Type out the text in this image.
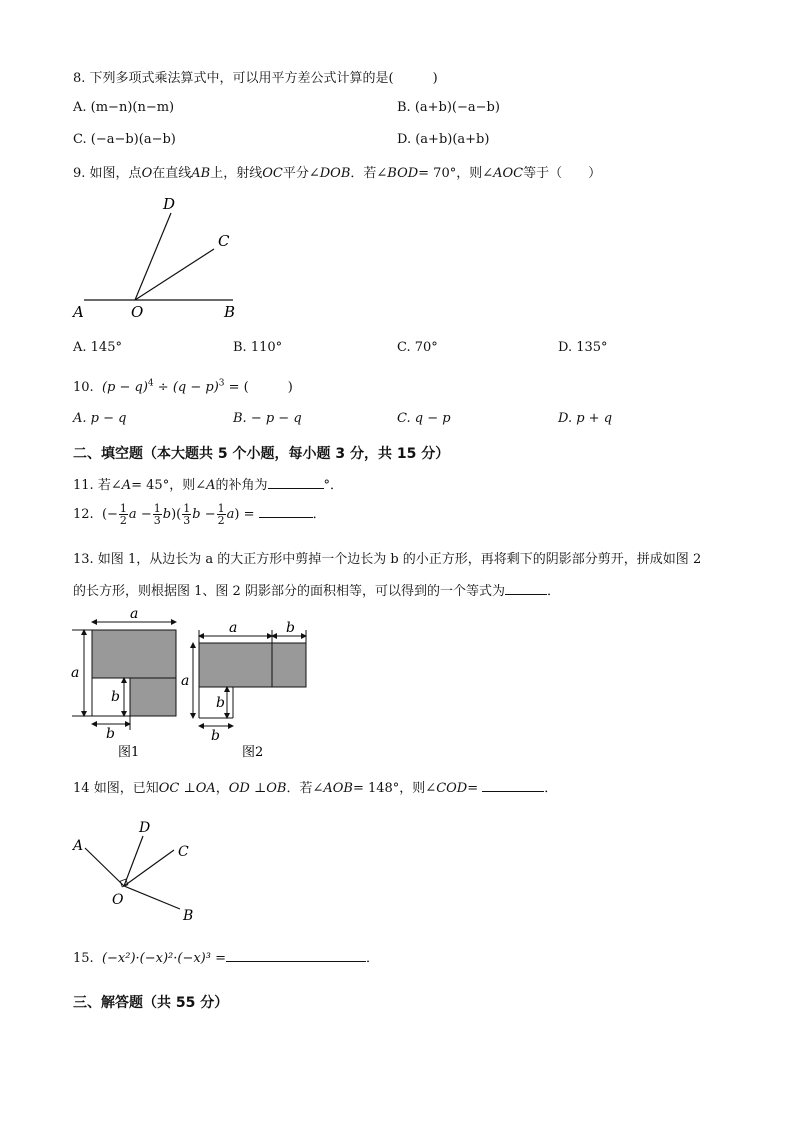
8. 下列多项式乘法算式中，可以用平方差公式计算的是(　　　)
A. (m−n)(n−m)	B. (a+b)(−a−b)
C. (−a−b)(a−b)	D. (a+b)(a+b)
9. 如图，点O在直线AB上，射线OC平分∠DOB．若∠BOD= 70°，则∠AOC等于（　　）
D
C
A	O	B
A. 145°	B. 110°	C. 70°	D. 135°
10. $(p - q)^4 \div (q - p)^3$ = (　　　)
A. p − q	B. − p − q	C. q − p	D. p + q
二、填空题（本大题共 5 个小题，每小题 3 分，共 15 分）
11. 若∠A= 45°，则∠A的补角为	°．
12. (− $\frac{1}{2}$ $a - \frac{1}{3} b)( \frac{1}{3}$ $b - \frac{1}{2} a$) =	．
13. 如图 1，从边长为 a 的大正方形中剪掉一个边长为 b 的小正方形，再将剩下的阴影部分剪开，拼成如图 2
的长方形，则根据图 1、图 2 阴影部分的面积相等，可以得到的一个等式为	．
a
a
b
b
图1
a	b
a
b
b
图2
14 如图，已知OC ⊥OA，OD ⊥OB．若∠AOB= 148°，则∠COD=	．
A
D
C
O
B
15. (−x²)·(−x)²·(−x)³ =	．
三、解答题（共 55 分）
